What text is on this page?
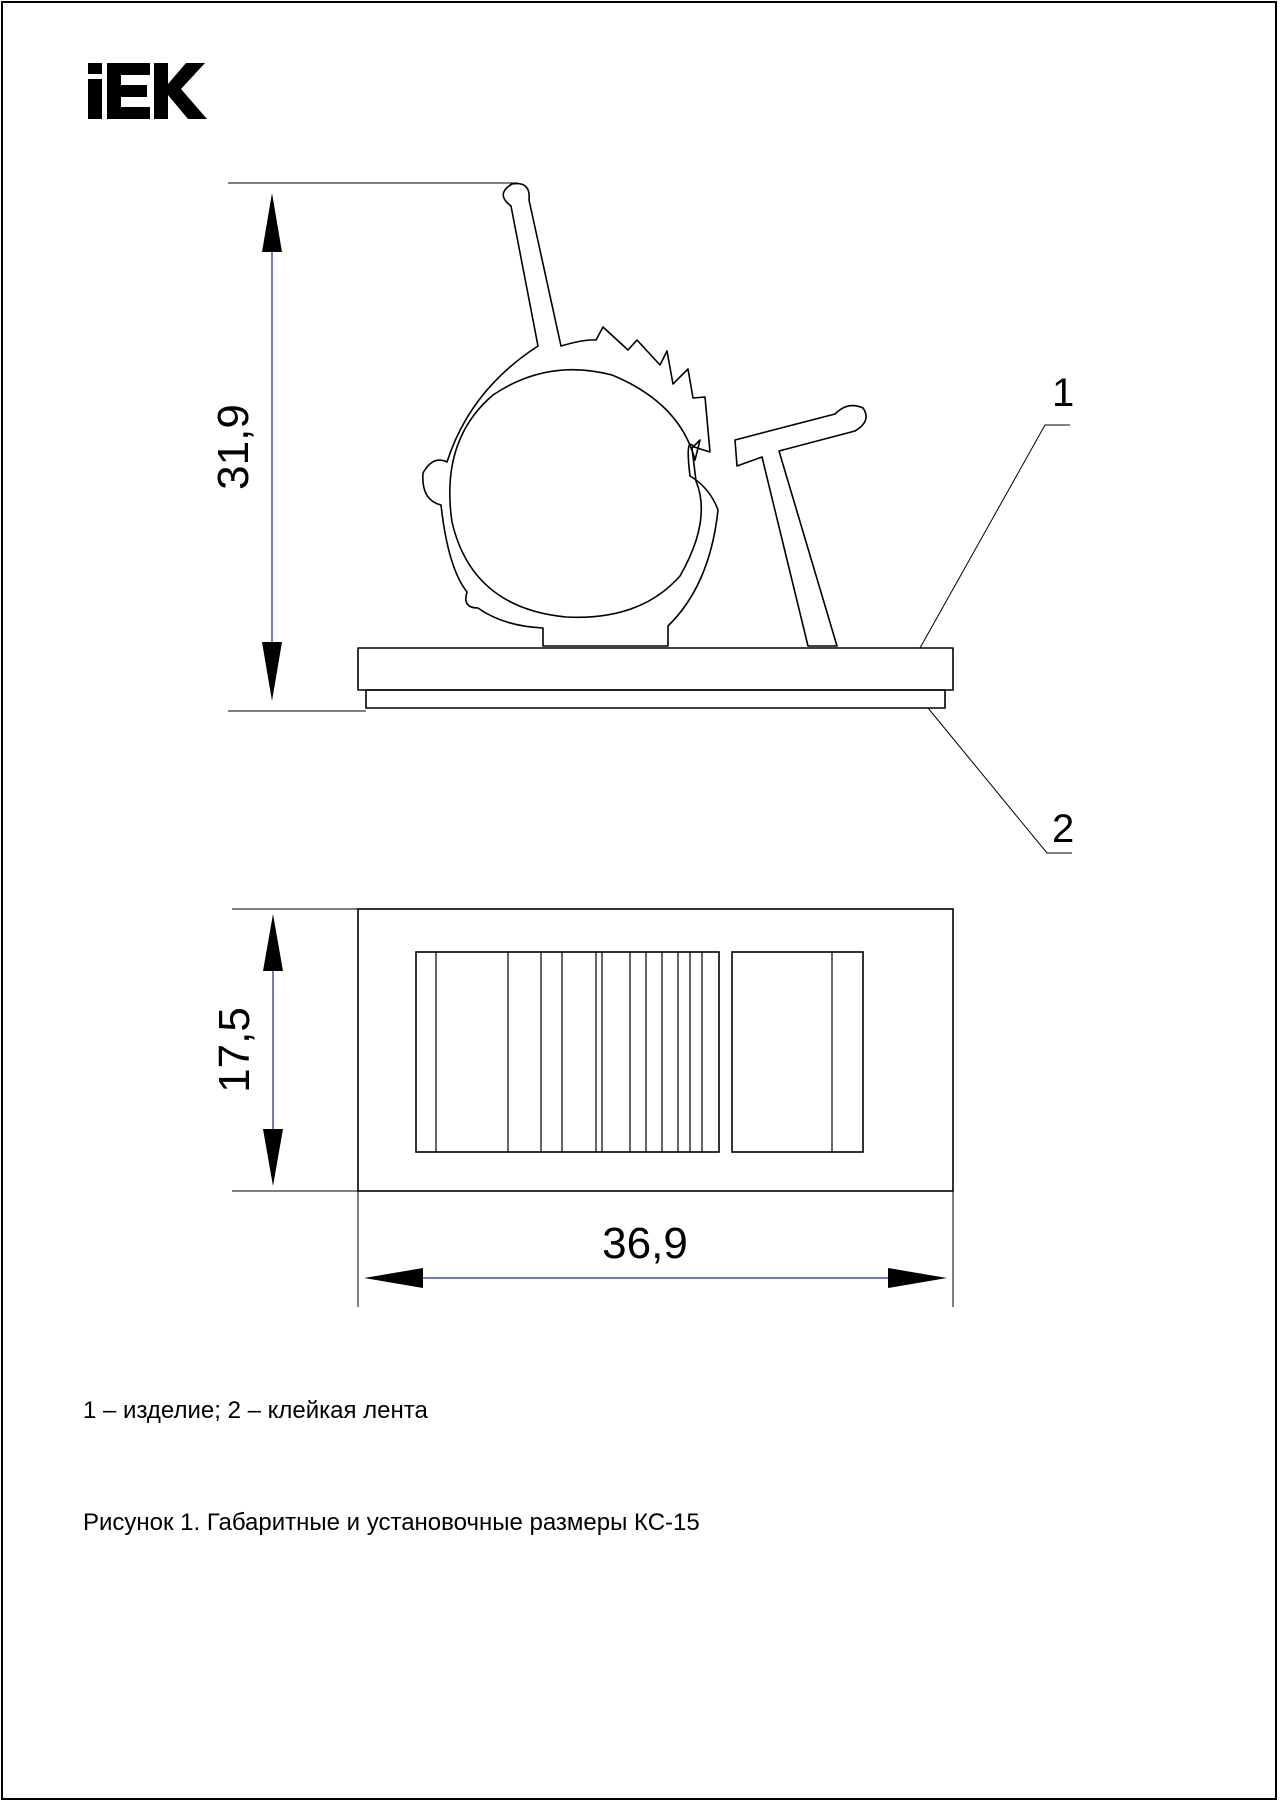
31,9
1
2
17,5
36,9
1 – изделие; 2 – клейкая лента
Рисунок 1. Габаритные и установочные размеры КС-15
